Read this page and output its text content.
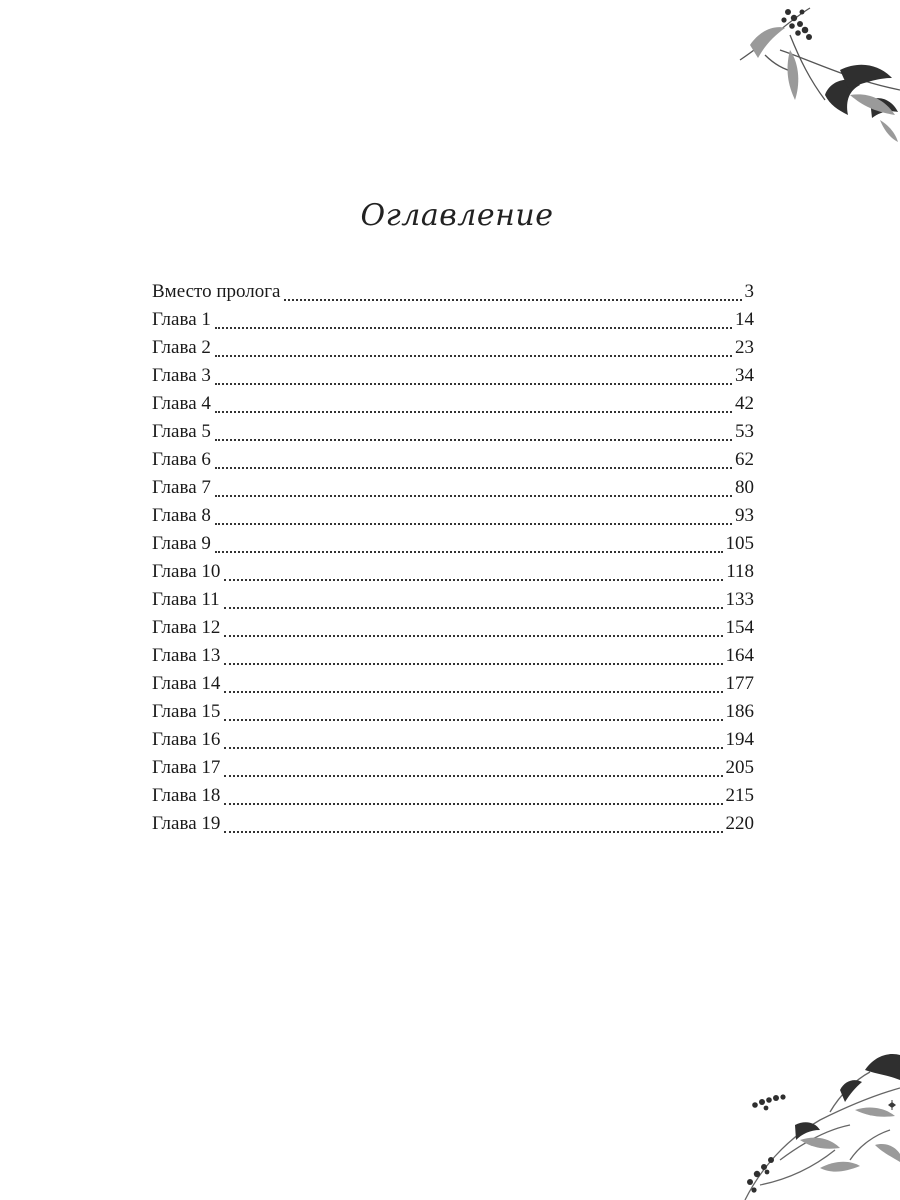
Оглавление
Вместо пролога	3
Глава 1	14
Глава 2	23
Глава 3	34
Глава 4	42
Глава 5	53
Глава 6	62
Глава 7	80
Глава 8	93
Глава 9	105
Глава 10	118
Глава 11	133
Глава 12	154
Глава 13	164
Глава 14	177
Глава 15	186
Глава 16	194
Глава 17	205
Глава 18	215
Глава 19	220
